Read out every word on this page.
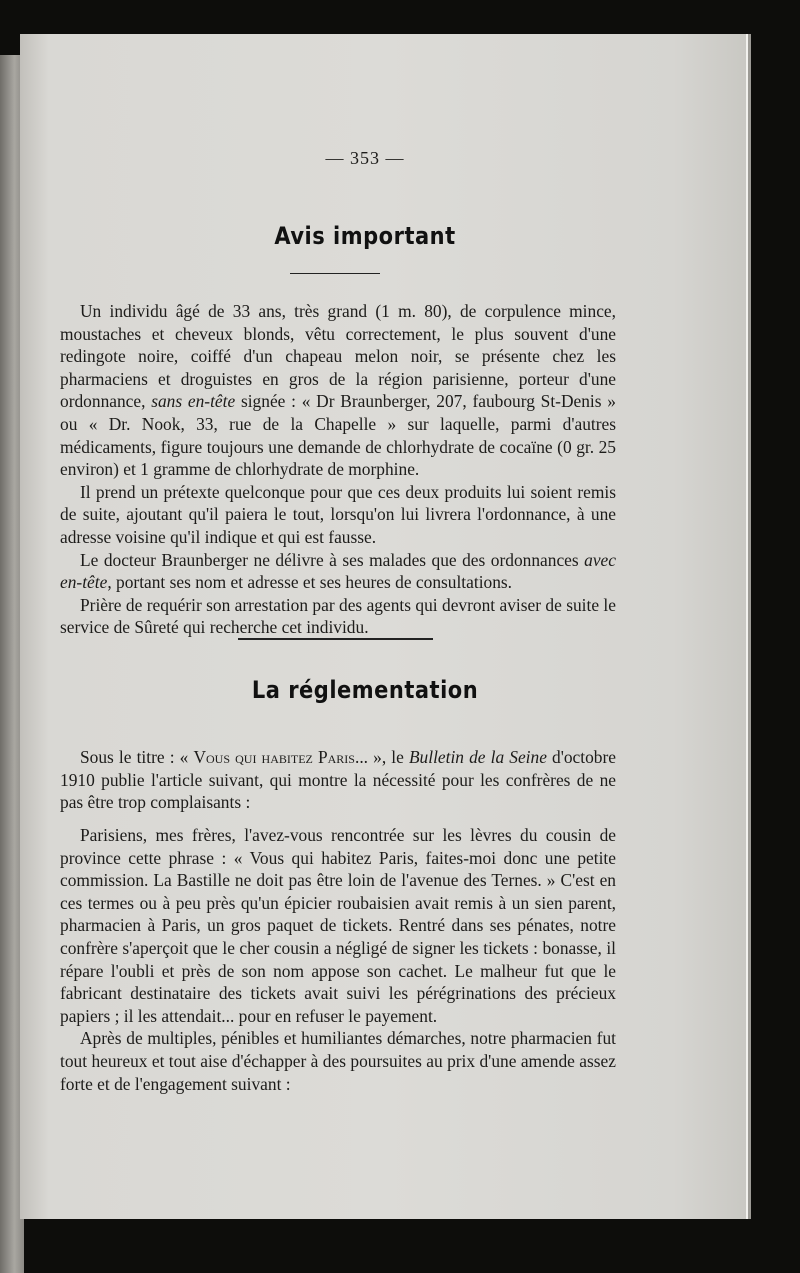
— 353 —
Avis important

Un individu âgé de 33 ans, très grand (1 m. 80), de corpulence mince, moustaches et cheveux blonds, vêtu correctement, le plus souvent d'une redingote noire, coiffé d'un chapeau melon noir, se présente chez les pharmaciens et droguistes en gros de la région parisienne, porteur d'une ordonnance, sans en-tête signée : « Dr Braunberger, 207, faubourg St-Denis » ou « Dr. Nook, 33, rue de la Chapelle » sur laquelle, parmi d'autres médicaments, figure toujours une demande de chlorhydrate de cocaïne (0 gr. 25 environ) et 1 gramme de chlorhydrate de morphine.

Il prend un prétexte quelconque pour que ces deux produits lui soient remis de suite, ajoutant qu'il paiera le tout, lorsqu'on lui livrera l'ordonnance, à une adresse voisine qu'il indique et qui est fausse.

Le docteur Braunberger ne délivre à ses malades que des ordonnances avec en-tête, portant ses nom et adresse et ses heures de consultations.

Prière de requérir son arrestation par des agents qui devront aviser de suite le service de Sûreté qui recherche cet individu.

La réglementation

Sous le titre : « Vous qui habitez Paris... », le Bulletin de la Seine d'octobre 1910 publie l'article suivant, qui montre la nécessité pour les confrères de ne pas être trop complaisants :

Parisiens, mes frères, l'avez-vous rencontrée sur les lèvres du cousin de province cette phrase : « Vous qui habitez Paris, faites-moi donc une petite commission. La Bastille ne doit pas être loin de l'avenue des Ternes. » C'est en ces termes ou à peu près qu'un épicier roubaisien avait remis à un sien parent, pharmacien à Paris, un gros paquet de tickets. Rentré dans ses pénates, notre confrère s'aperçoit que le cher cousin a négligé de signer les tickets : bonasse, il répare l'oubli et près de son nom appose son cachet. Le malheur fut que le fabricant destinataire des tickets avait suivi les pérégrinations des précieux papiers ; il les attendait... pour en refuser le payement.

Après de multiples, pénibles et humiliantes démarches, notre pharmacien fut tout heureux et tout aise d'échapper à des poursuites au prix d'une amende assez forte et de l'engagement suivant :
